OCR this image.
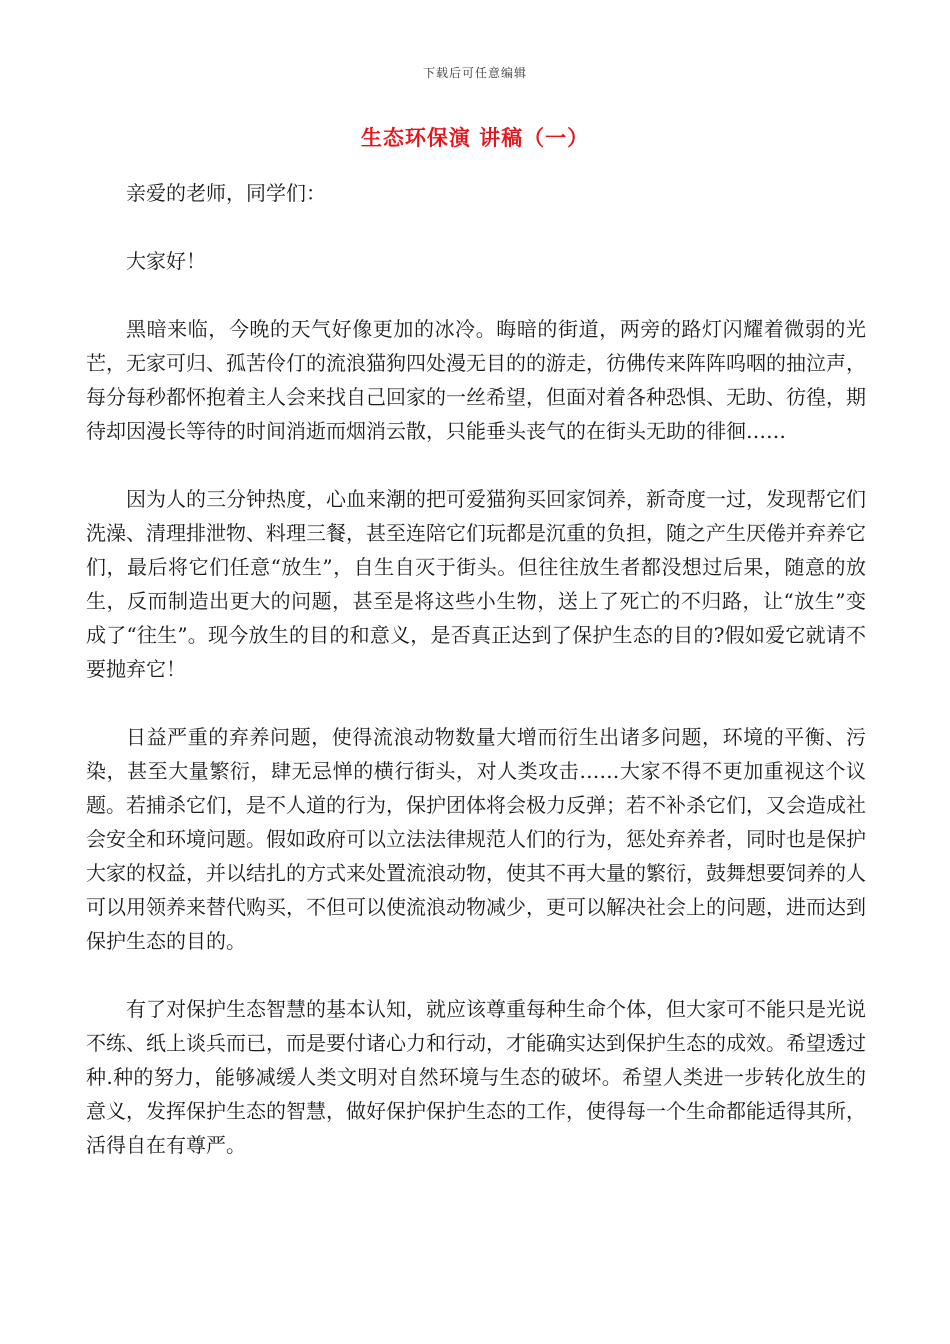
下载后可任意编辑
生态环保演 讲稿（一）

亲爱的老师，同学们：

大家好！

黑暗来临，今晚的天气好像更加的冰冷。晦暗的街道，两旁的路灯闪耀着微弱的光芒，无家可归、孤苦伶仃的流浪猫狗四处漫无目的的游走，彷佛传来阵阵呜咽的抽泣声，每分每秒都怀抱着主人会来找自己回家的一丝希望，但面对着各种恐惧、无助、彷徨，期待却因漫长等待的时间消逝而烟消云散，只能垂头丧气的在街头无助的徘徊……

因为人的三分钟热度，心血来潮的把可爱猫狗买回家饲养，新奇度一过，发现帮它们洗澡、清理排泄物、料理三餐，甚至连陪它们玩都是沉重的负担，随之产生厌倦并弃养它们，最后将它们任意“放生”，自生自灭于街头。但往往放生者都没想过后果，随意的放生，反而制造出更大的问题，甚至是将这些小生物，送上了死亡的不归路，让“放生”变成了“往生”。现今放生的目的和意义，是否真正达到了保护生态的目的?假如爱它就请不要抛弃它！

日益严重的弃养问题，使得流浪动物数量大增而衍生出诸多问题，环境的平衡、污染，甚至大量繁衍，肆无忌惮的横行街头，对人类攻击……大家不得不更加重视这个议题。若捕杀它们，是不人道的行为，保护团体将会极力反弹；若不补杀它们，又会造成社会安全和环境问题。假如政府可以立法法律规范人们的行为，惩处弃养者，同时也是保护大家的权益，并以结扎的方式来处置流浪动物，使其不再大量的繁衍，鼓舞想要饲养的人可以用领养来替代购买，不但可以使流浪动物减少，更可以解决社会上的问题，进而达到保护生态的目的。

有了对保护生态智慧的基本认知，就应该尊重每种生命个体，但大家可不能只是光说不练、纸上谈兵而已，而是要付诸心力和行动，才能确实达到保护生态的成效。希望透过种.种的努力，能够减缓人类文明对自然环境与生态的破坏。希望人类进一步转化放生的意义，发挥保护生态的智慧，做好保护保护生态的工作，使得每一个生命都能适得其所，活得自在有尊严。
